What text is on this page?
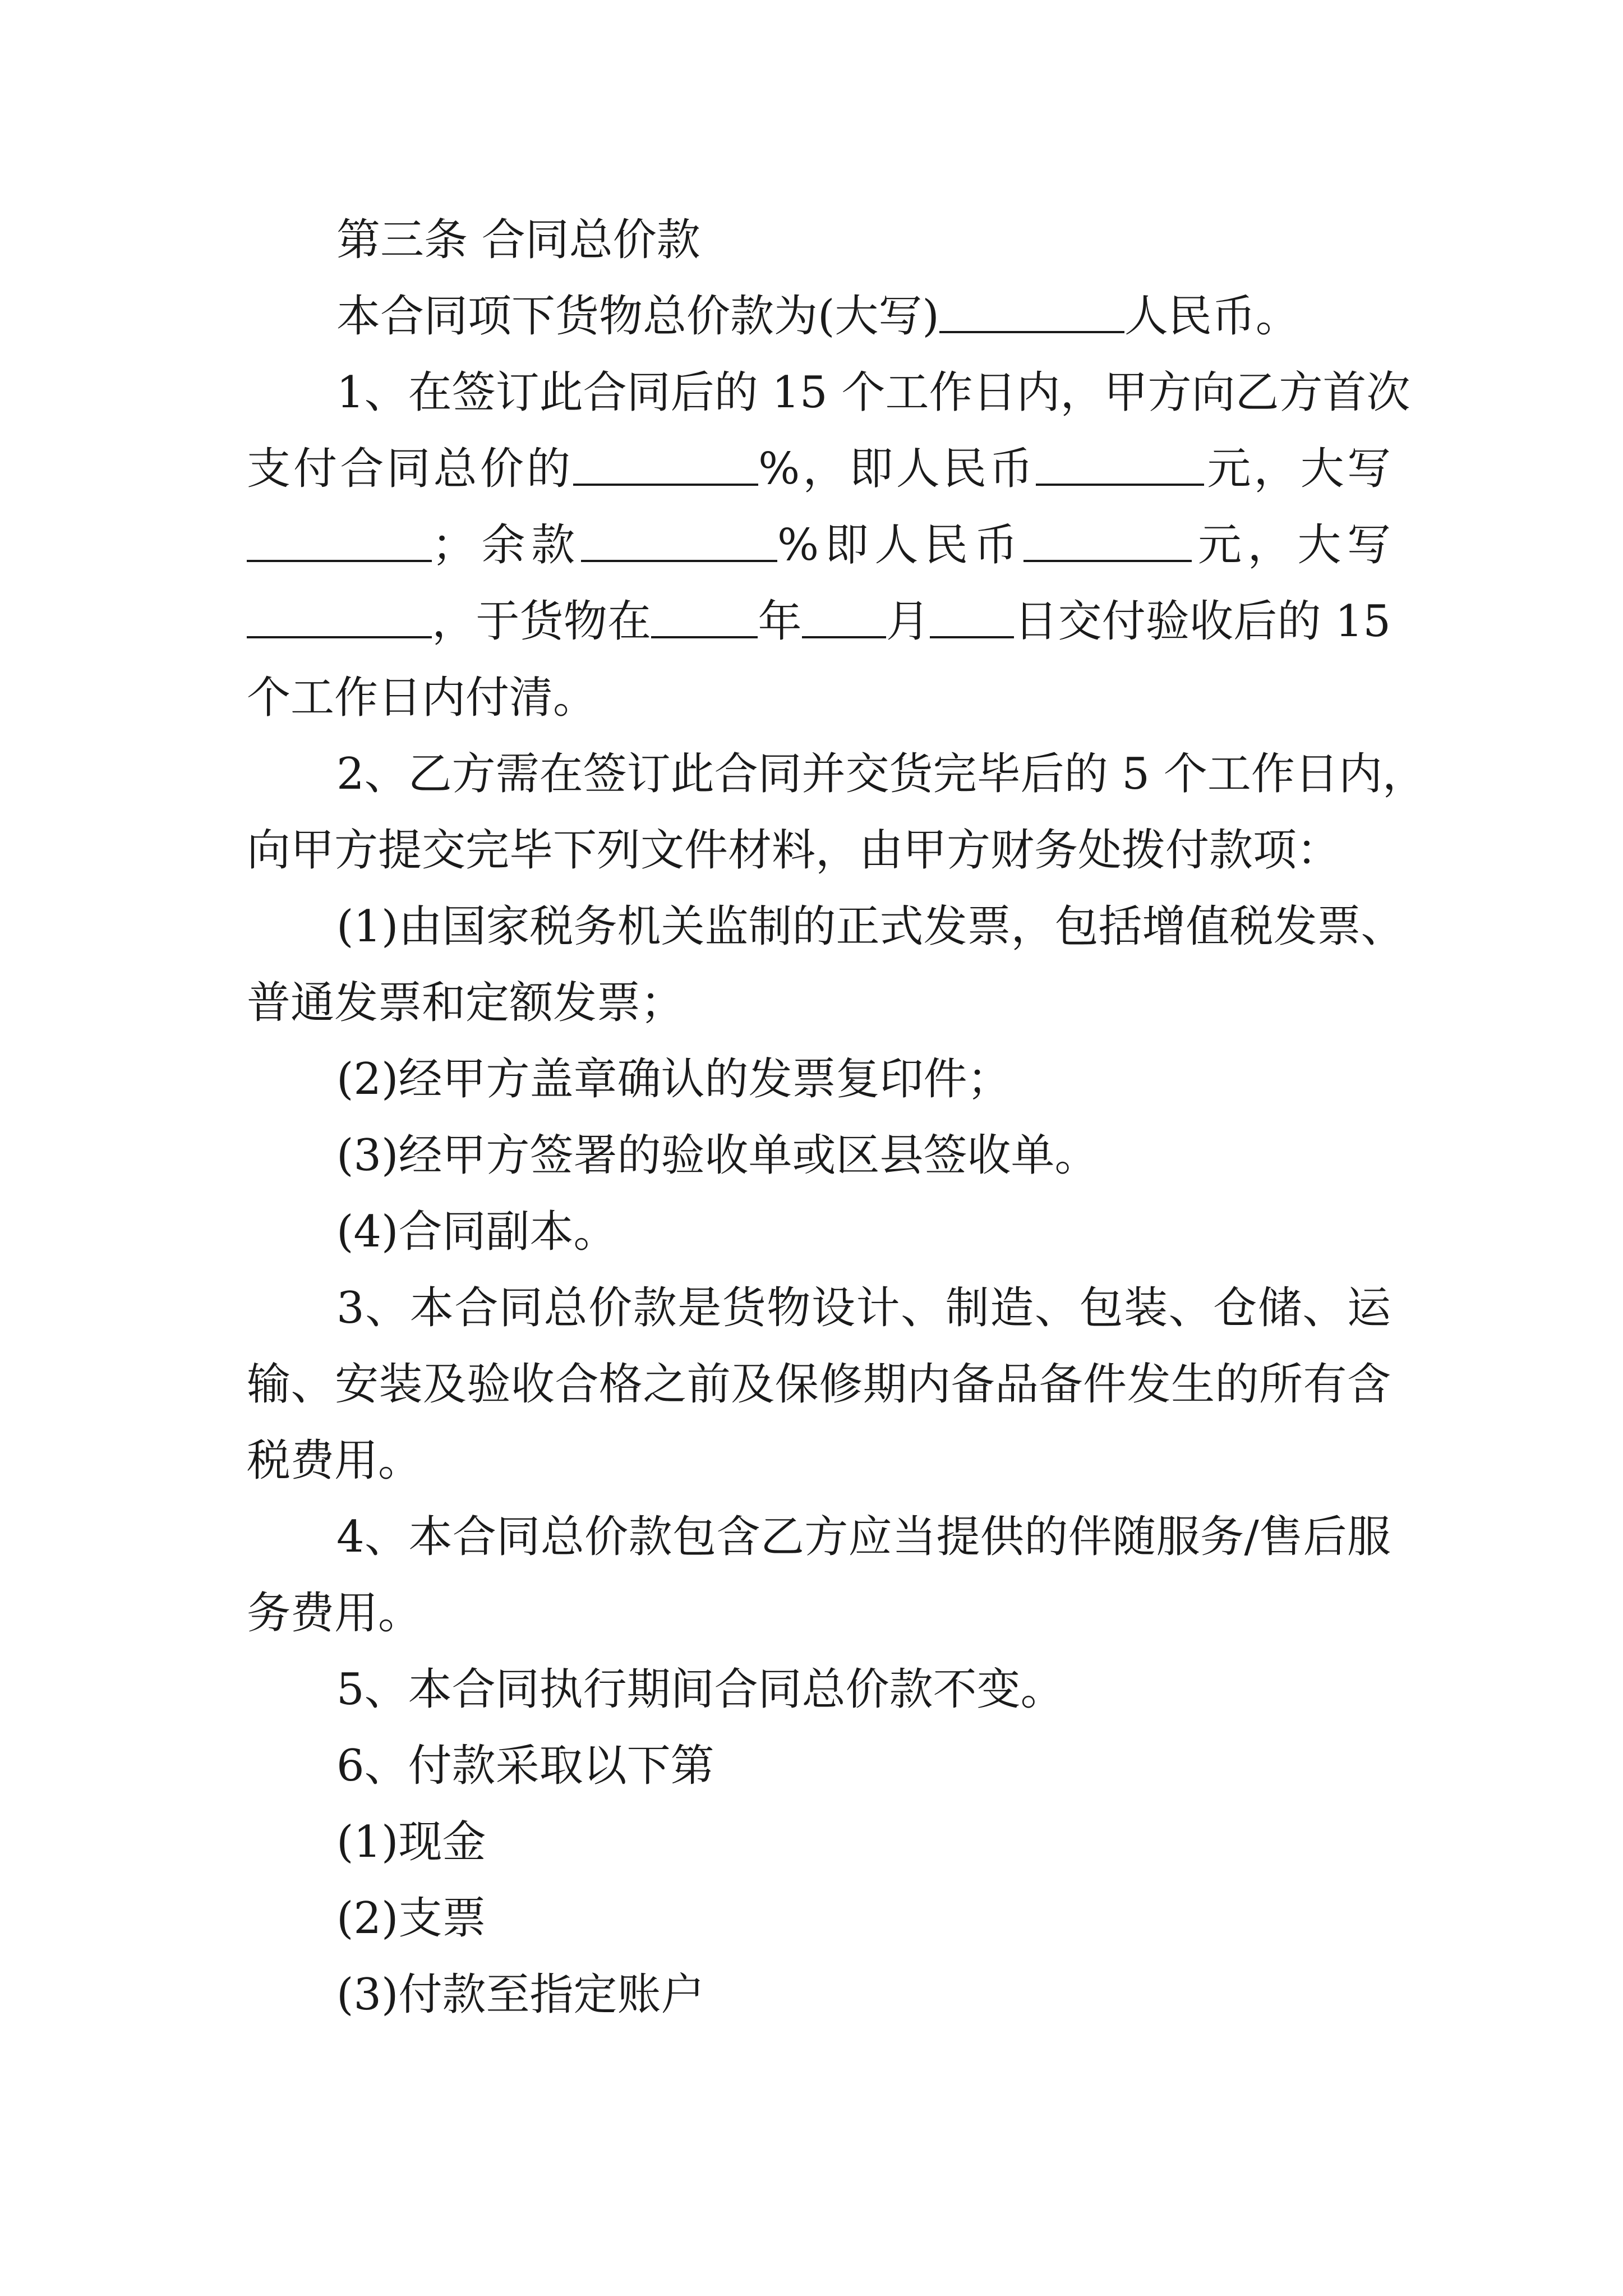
第三条 合同总价款

本合同项下货物总价款为(大写)	人民币。

1、在签订此合同后的 15 个工作日内，甲方向乙方首次
支付合同总价的	%，即人民币	元，大写
；余款	%即人民币	元，大写
，于货物在 年 月 日交付验收后的 15
个工作日内付清。
2、乙方需在签订此合同并交货完毕后的 5 个工作日内，
向甲方提交完毕下列文件材料，由甲方财务处拨付款项：
(1)由国家税务机关监制的正式发票，包括增值税发票、
普通发票和定额发票；

(2)经甲方盖章确认的发票复印件；

(3)经甲方签署的验收单或区县签收单。

(4)合同副本。

3、本合同总价款是货物设计、制造、包装、仓储、运
输、安装及验收合格之前及保修期内备品备件发生的所有含
税费用。
4、本合同总价款包含乙方应当提供的伴随服务/售后服
务费用。

5、本合同执行期间合同总价款不变。

6、付款采取以下第

(1)现金

(2)支票

(3)付款至指定账户
